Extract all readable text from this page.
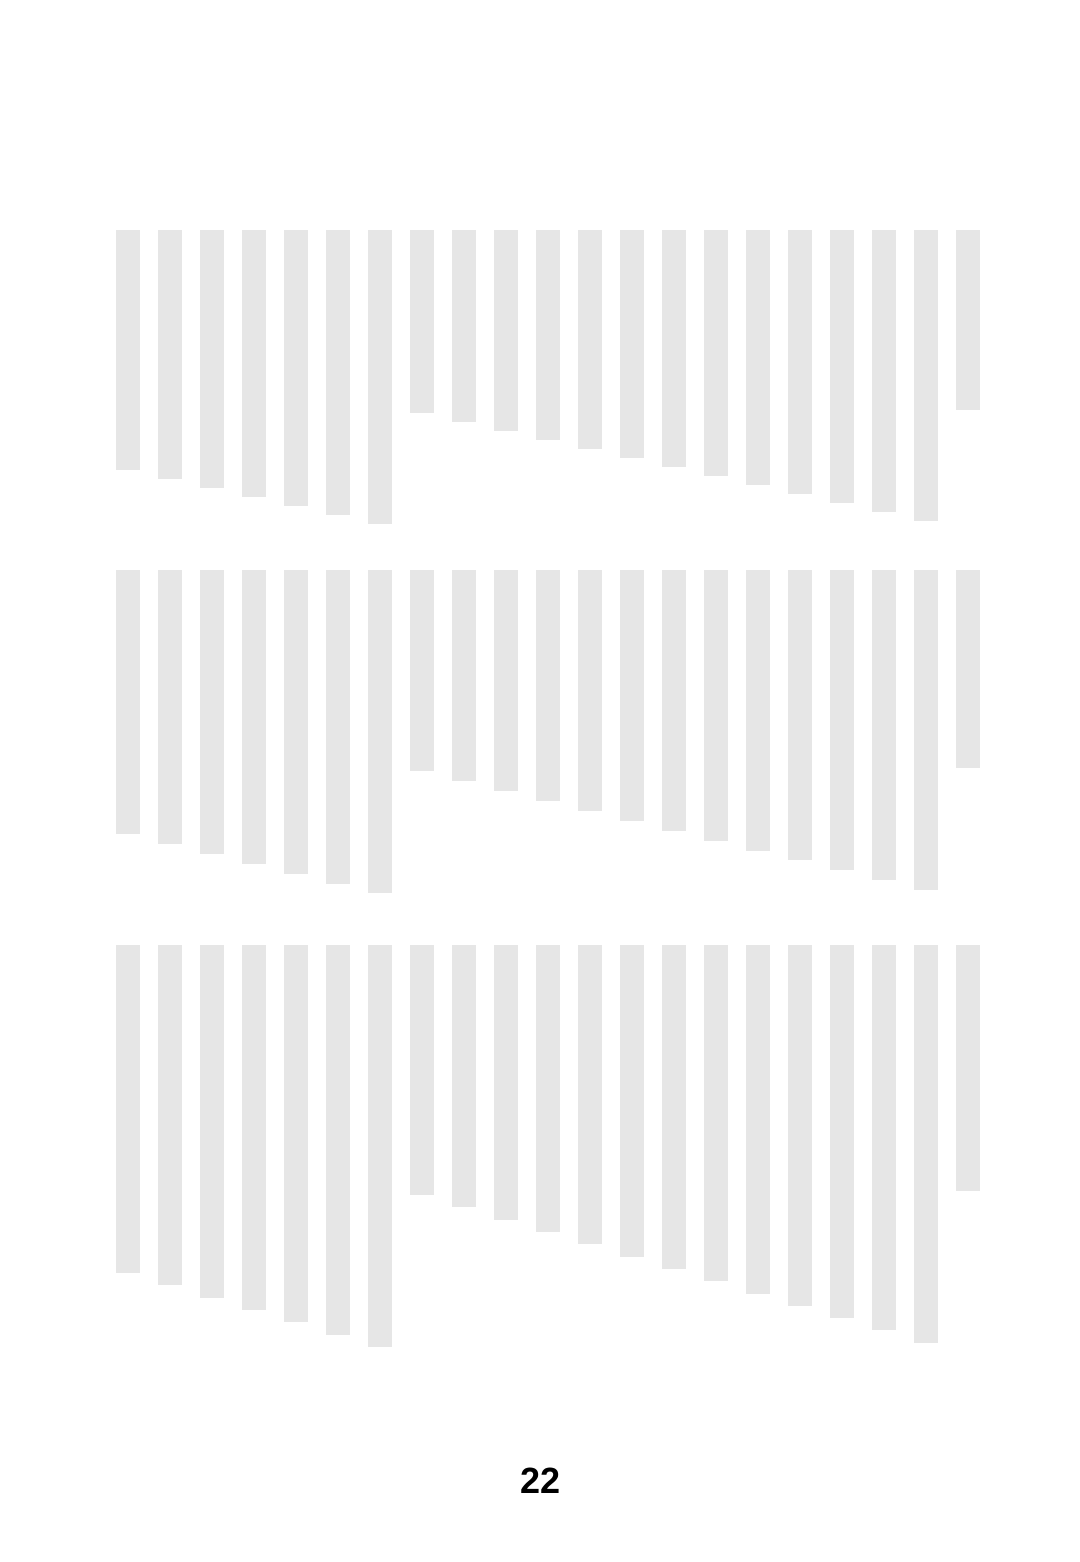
22
